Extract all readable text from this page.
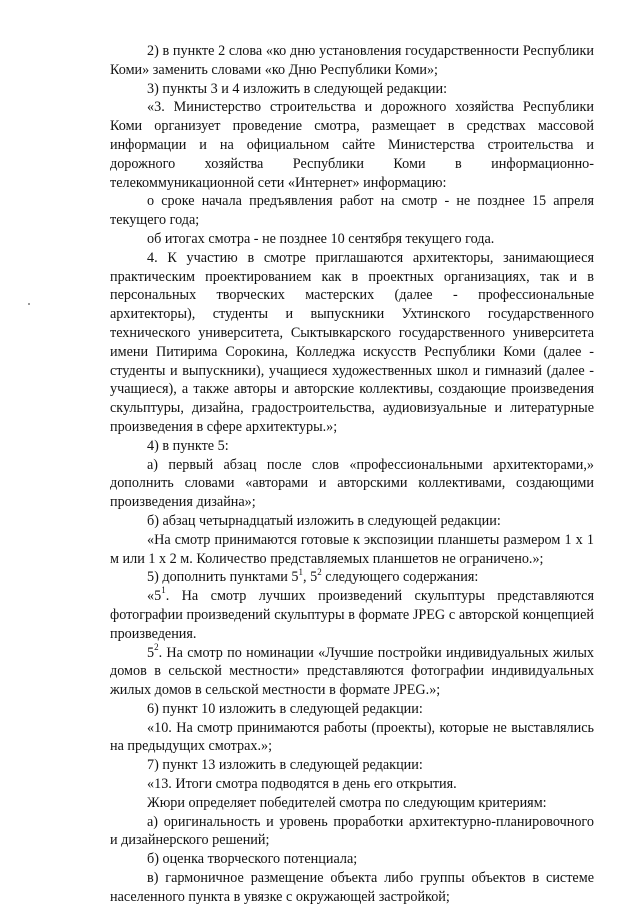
2) в пункте 2 слова «ко дню установления государственности Республики Коми» заменить словами «ко Дню Республики Коми»;

3) пункты 3 и 4 изложить в следующей редакции:

«3. Министерство строительства и дорожного хозяйства Республики Коми организует проведение смотра, размещает в средствах массовой информации и на официальном сайте Министерства строительства и дорожного хозяйства Республики Коми в информационно-телекоммуникационной сети «Интернет» информацию:

о сроке начала предъявления работ на смотр - не позднее 15 апреля текущего года;

об итогах смотра - не позднее 10 сентября текущего года.

4. К участию в смотре приглашаются архитекторы, занимающиеся практическим проектированием как в проектных организациях, так и в персональных творческих мастерских (далее - профессиональные архитекторы), студенты и выпускники Ухтинского государственного технического университета, Сыктывкарского государственного университета имени Питирима Сорокина, Колледжа искусств Республики Коми (далее - студенты и выпускники), учащиеся художественных школ и гимназий (далее - учащиеся), а также авторы и авторские коллективы, создающие произведения скульптуры, дизайна, градостроительства, аудиовизуальные и литературные произведения в сфере архитектуры.»;

4) в пункте 5:

а) первый абзац после слов «профессиональными архитекторами,» дополнить словами «авторами и авторскими коллективами, создающими произведения дизайна»;

б) абзац четырнадцатый изложить в следующей редакции:

«На смотр принимаются готовые к экспозиции планшеты размером 1 х 1 м или 1 х 2 м. Количество представляемых планшетов не ограничено.»;

5) дополнить пунктами $5^1$, $5^2$ следующего содержания:

«$5^1$. На смотр лучших произведений скульптуры представляются фотографии произведений скульптуры в формате JPEG с авторской концепцией произведения.

$5^2$. На смотр по номинации «Лучшие постройки индивидуальных жилых домов в сельской местности» представляются фотографии индивидуальных жилых домов в сельской местности в формате JPEG.»;

6) пункт 10 изложить в следующей редакции:

«10. На смотр принимаются работы (проекты), которые не выставлялись на предыдущих смотрах.»;

7) пункт 13 изложить в следующей редакции:

«13. Итоги смотра подводятся в день его открытия.

Жюри определяет победителей смотра по следующим критериям:

а) оригинальность и уровень проработки архитектурно-планировочного и дизайнерского решений;

б) оценка творческого потенциала;

в) гармоничное размещение объекта либо группы объектов в системе населенного пункта в увязке с окружающей застройкой;
